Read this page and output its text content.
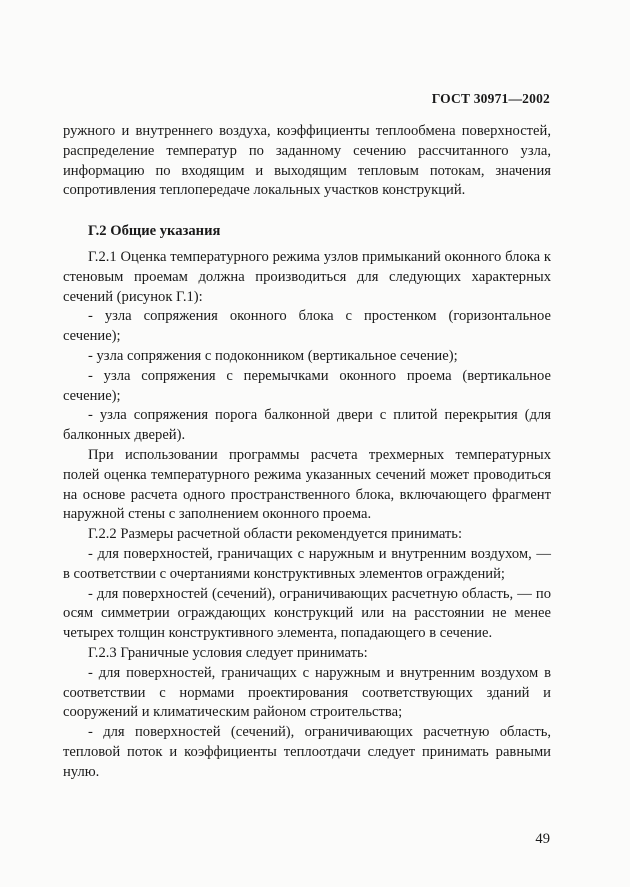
ГОСТ 30971—2002

ружного и внутреннего воздуха, коэффициенты теплообмена поверхностей, распределение температур по заданному сечению рассчитанного узла, информацию по входящим и выходящим тепловым потокам, значения сопротивления теплопередаче локальных участков конструкций.

Г.2 Общие указания

Г.2.1 Оценка температурного режима узлов примыканий оконного блока к стеновым проемам должна производиться для следующих характерных сечений (рисунок Г.1):

- узла сопряжения оконного блока с простенком (горизонтальное сечение);

- узла сопряжения с подоконником (вертикальное сечение);

- узла сопряжения с перемычками оконного проема (вертикальное сечение);

- узла сопряжения порога балконной двери с плитой перекрытия (для балконных дверей).

При использовании программы расчета трехмерных температурных полей оценка температурного режима указанных сечений может проводиться на основе расчета одного пространственного блока, включающего фрагмент наружной стены с заполнением оконного проема.

Г.2.2 Размеры расчетной области рекомендуется принимать:

- для поверхностей, граничащих с наружным и внутренним воздухом, — в соответствии с очертаниями конструктивных элементов ограждений;

- для поверхностей (сечений), ограничивающих расчетную область, — по осям симметрии ограждающих конструкций или на расстоянии не менее четырех толщин конструктивного элемента, попадающего в сечение.

Г.2.3 Граничные условия следует принимать:

- для поверхностей, граничащих с наружным и внутренним воздухом в соответствии с нормами проектирования соответствующих зданий и сооружений и климатическим районом строительства;

- для поверхностей (сечений), ограничивающих расчетную область, тепловой поток и коэффициенты теплоотдачи следует принимать равными нулю.

49
